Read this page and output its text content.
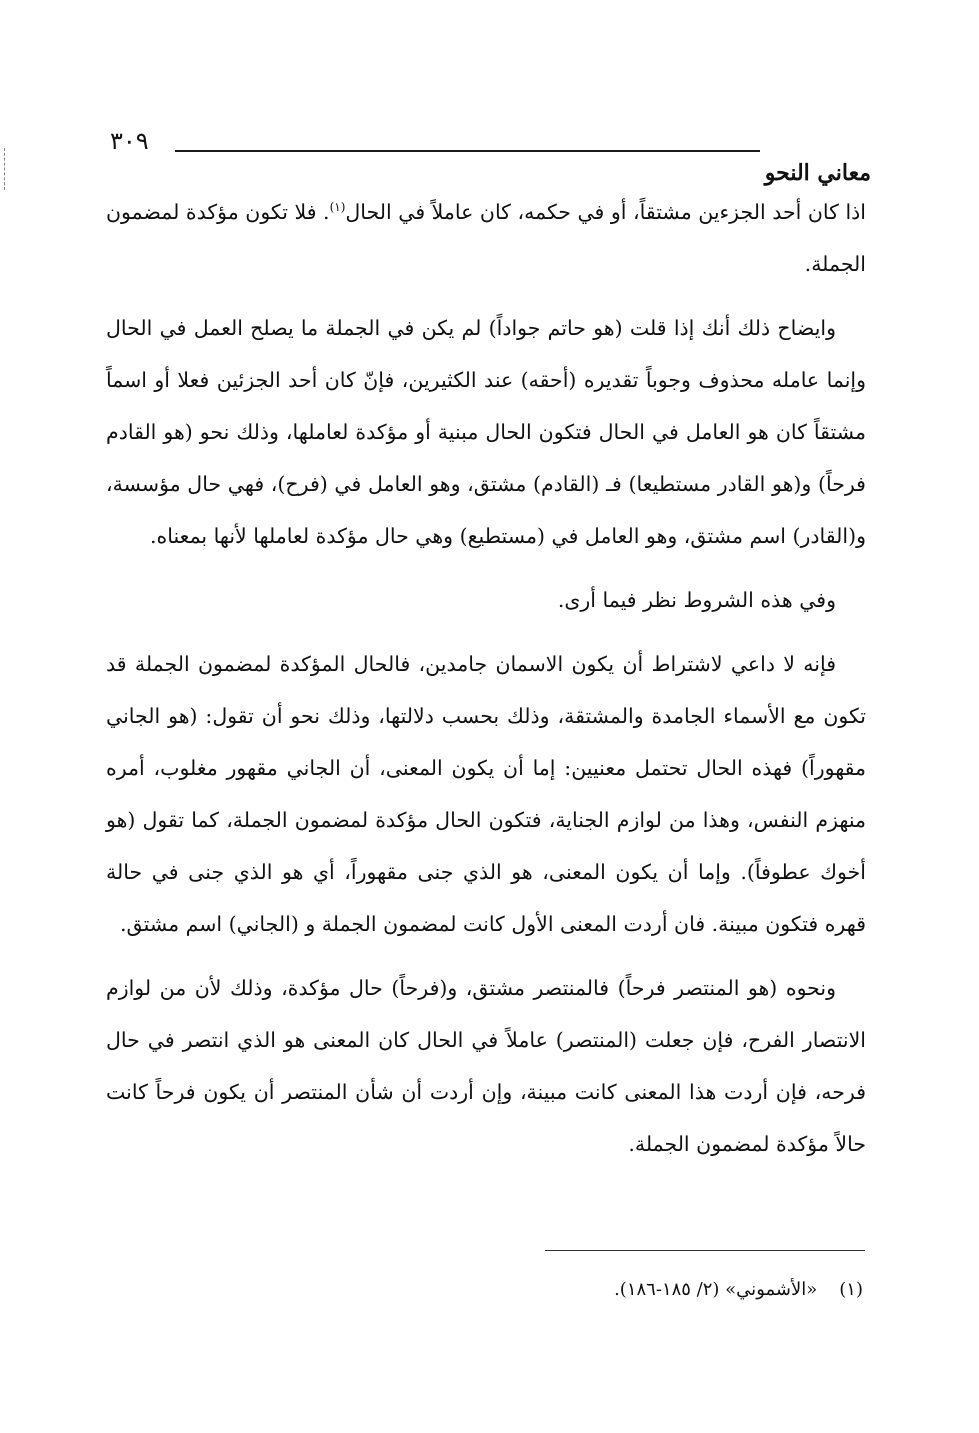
٣٠٩
معاني النحو

اذا كان أحد الجزءين مشتقاً، أو في حكمه، كان عاملاً في الحال$^{(١)}$. فلا تكون مؤكدة لمضمون الجملة.

وايضاح ذلك أنك إذا قلت (هو حاتم جواداً) لم يكن في الجملة ما يصلح العمل في الحال وإنما عامله محذوف وجوباً تقديره (أحقه) عند الكثيرين، فإنّ كان أحد الجزئين فعلا أو اسماً مشتقاً كان هو العامل في الحال فتكون الحال مبنية أو مؤكدة لعاملها، وذلك نحو (هو القادم فرحاً) و(هو القادر مستطيعا) فـ (القادم) مشتق، وهو العامل في (فرح)، فهي حال مؤسسة، و(القادر) اسم مشتق، وهو العامل في (مستطيع) وهي حال مؤكدة لعاملها لأنها بمعناه.

وفي هذه الشروط نظر فيما أرى.

فإنه لا داعي لاشتراط أن يكون الاسمان جامدين، فالحال المؤكدة لمضمون الجملة قد تكون مع الأسماء الجامدة والمشتقة، وذلك بحسب دلالتها، وذلك نحو أن تقول: (هو الجاني مقهوراً) فهذه الحال تحتمل معنيين: إما أن يكون المعنى، أن الجاني مقهور مغلوب، أمره منهزم النفس، وهذا من لوازم الجناية، فتكون الحال مؤكدة لمضمون الجملة، كما تقول (هو أخوك عطوفاً). وإما أن يكون المعنى، هو الذي جنى مقهوراً، أي هو الذي جنى في حالة قهره فتكون مبينة. فان أردت المعنى الأول كانت لمضمون الجملة و (الجاني) اسم مشتق.

ونحوه (هو المنتصر فرحاً) فالمنتصر مشتق، و(فرحاً) حال مؤكدة، وذلك لأن من لوازم الانتصار الفرح، فإن جعلت (المنتصر) عاملاً في الحال كان المعنى هو الذي انتصر في حال فرحه، فإن أردت هذا المعنى كانت مبينة، وإن أردت أن شأن المنتصر أن يكون فرحاً كانت حالاً مؤكدة لمضمون الجملة.

(١)«الأشموني» (٢/ ١٨٥-١٨٦).
